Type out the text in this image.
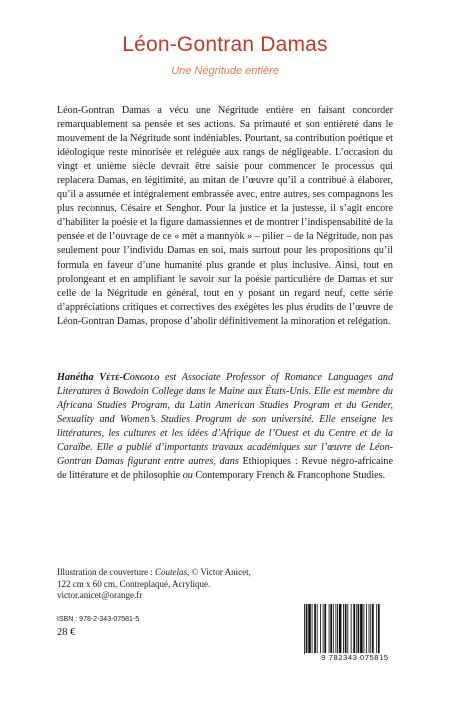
Léon-Gontran Damas
Une Négritude entière
Léon-Gontran Damas a vécu une Négritude entière en faisant concorder remarquablement sa pensée et ses actions. Sa primauté et son entièreté dans le mouvement de la Négritude sont indéniables. Pourtant, sa contribution poétique et idéologique reste minorisée et reléguée aux rangs de négligeable. L’occasion du vingt et unième siècle devrait être saisie pour commencer le processus qui replacera Damas, en légitimité, au mitan de l’œuvre qu’il a contribué à élaborer, qu’il a assumée et intégralement embrassée avec, entre autres, ses compagnons les plus reconnus, Césaire et Senghor. Pour la justice et la justesse, il s’agit encore d’habiliter la poésie et la figure damassiennes et de montrer l’indispensabilité de la pensée et de l’ouvrage de ce « mèt a mannyòk » – pilier – de la Négritude, non pas seulement pour l’individu Damas en soi, mais surtout pour les propositions qu’il formula en faveur d’une humanité plus grande et plus inclusive. Ainsi, tout en prolongeant et en amplifiant le savoir sur la poésie particulière de Damas et sur celle de la Négritude en général, tout en y posant un regard neuf, cette série d’appréciations critiques et correctives des exégètes les plus érudits de l’œuvre de Léon-Gontran Damas, propose d’abolir définitivement la minoration et relégation.
Hanétha Vété-Congolo est Associate Professor of Romance Languages and Literatures à Bowdoin College dans le Maine aux États-Unis. Elle est membre du Africana Studies Program, du Latin American Studies Program et du Gender, Sexuality and Women’s Studies Program de son université. Elle enseigne les littératures, les cultures et les idées d’Afrique de l’Ouest et du Centre et de la Caraïbe. Elle a publié d’importants travaux académiques sur l’œuvre de Léon-Gontran Damas figurant entre autres, dans Ethiopiques : Revue négro-africaine de littérature et de philosophie ou Contemporary French & Francophone Studies.
Illustration de couverture : Coutelas, © Victor Anicet,
122 cm x 60 cm, Contreplaqué, Acrylique.
victor.anicet@orange.fr
ISBN : 978-2-343-07581-5
28 €
9 782343 075815
